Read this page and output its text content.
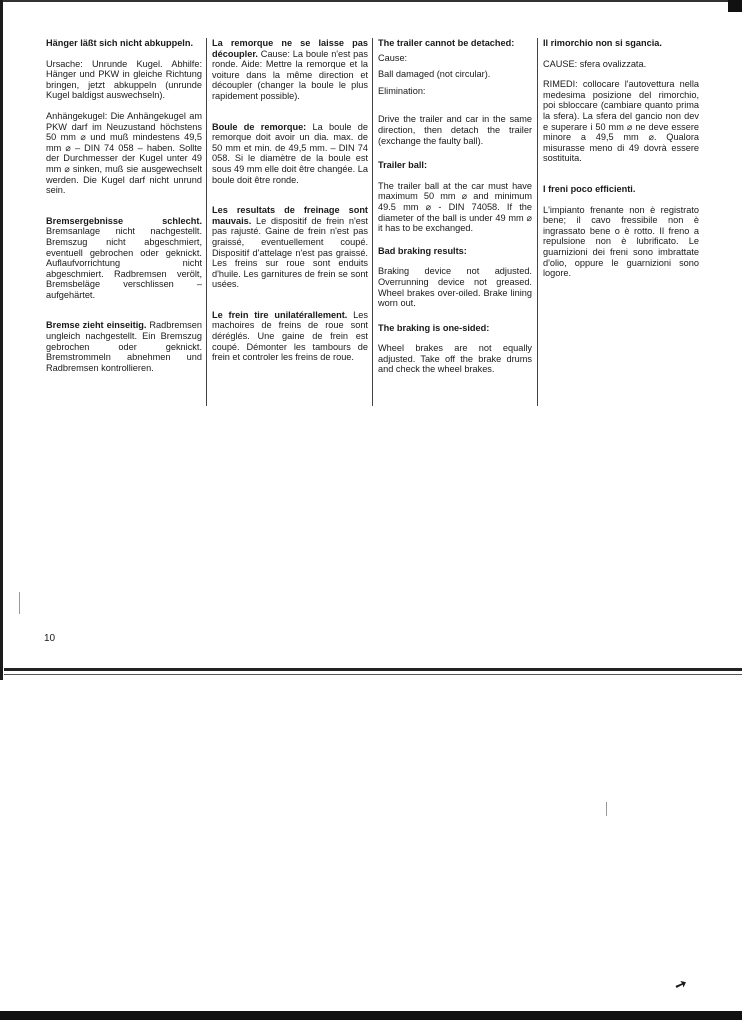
Hänger läßt sich nicht abkuppeln.

Ursache: Unrunde Kugel. Abhilfe: Hänger und PKW in gleiche Richtung bringen, jetzt abkuppeln (unrunde Kugel baldigst auswechseln).

Anhängekugel: Die Anhängekugel am PKW darf im Neuzustand höchstens 50 mm ⌀ und muß mindestens 49,5 mm ⌀ – DIN 74 058 – haben. Sollte der Durchmesser der Kugel unter 49 mm ⌀ sinken, muß sie ausgewechselt werden. Die Kugel darf nicht unrund sein.

Bremsergebnisse schlecht. Bremsanlage nicht nachgestellt. Bremszug nicht abgeschmiert, eventuell gebrochen oder geknickt. Auflaufvorrichtung nicht abgeschmiert. Radbremsen verölt, Bremsbeläge verschlissen – aufgehärtet.

Bremse zieht einseitig. Radbremsen ungleich nachgestellt. Ein Bremszug gebrochen oder geknickt. Bremstrommeln abnehmen und Radbremsen kontrollieren.

La remorque ne se laisse pas découpler. Cause: La boule n'est pas ronde. Aide: Mettre la remorque et la voiture dans la même direction et découpler (changer la boule le plus rapidement possible).

Boule de remorque: La boule de remorque doit avoir un dia. max. de 50 mm et min. de 49,5 mm. – DIN 74 058. Si le diamètre de la boule est sous 49 mm elle doit être changée. La boule doit être ronde.

Les resultats de freinage sont mauvais. Le dispositif de frein n'est pas rajusté. Gaine de frein n'est pas graissé, eventuellement coupé. Dispositif d'attelage n'est pas graissé. Les freins sur roue sont enduits d'huile. Les garnitures de frein se sont usées.

Le frein tire unilatérallement. Les machoires de freins de roue sont déréglés. Une gaine de frein est coupé. Démonter les tambours de frein et controler les freins de roue.

The trailer cannot be detached:

Cause:

Ball damaged (not circular).

Elimination:

Drive the trailer and car in the same direction, then detach the trailer (exchange the faulty ball).

Trailer ball:

The trailer ball at the car must have maximum 50 mm ⌀ and minimum 49.5 mm ⌀ - DIN 74058. If the diameter of the ball is under 49 mm ⌀ it has to be exchanged.

Bad braking results:

Braking device not adjusted. Overrunning device not greased. Wheel brakes over-oiled. Brake lining worn out.

The braking is one-sided:

Wheel brakes are not equally adjusted. Take off the brake drums and check the wheel brakes.

Il rimorchio non si sgancia.

CAUSE: sfera ovalizzata.

RIMEDI: collocare l'autovettura nella medesima posizione del rimorchio, poi sbloccare (cambiare quanto prima la sfera). La sfera del gancio non dev e superare i 50 mm ⌀ ne deve essere minore a 49,5 mm ⌀. Qualora misurasse meno di 49 dovrà essere sostituita.

I freni poco efficienti.

L'impianto frenante non è registrato bene; il cavo fressibile non è ingrassato bene o è rotto. Il freno a repulsione non è lubrificato. Le guarnizioni dei freni sono imbrattate d'olio, oppure le guarnizioni sono logore.

10
➚
